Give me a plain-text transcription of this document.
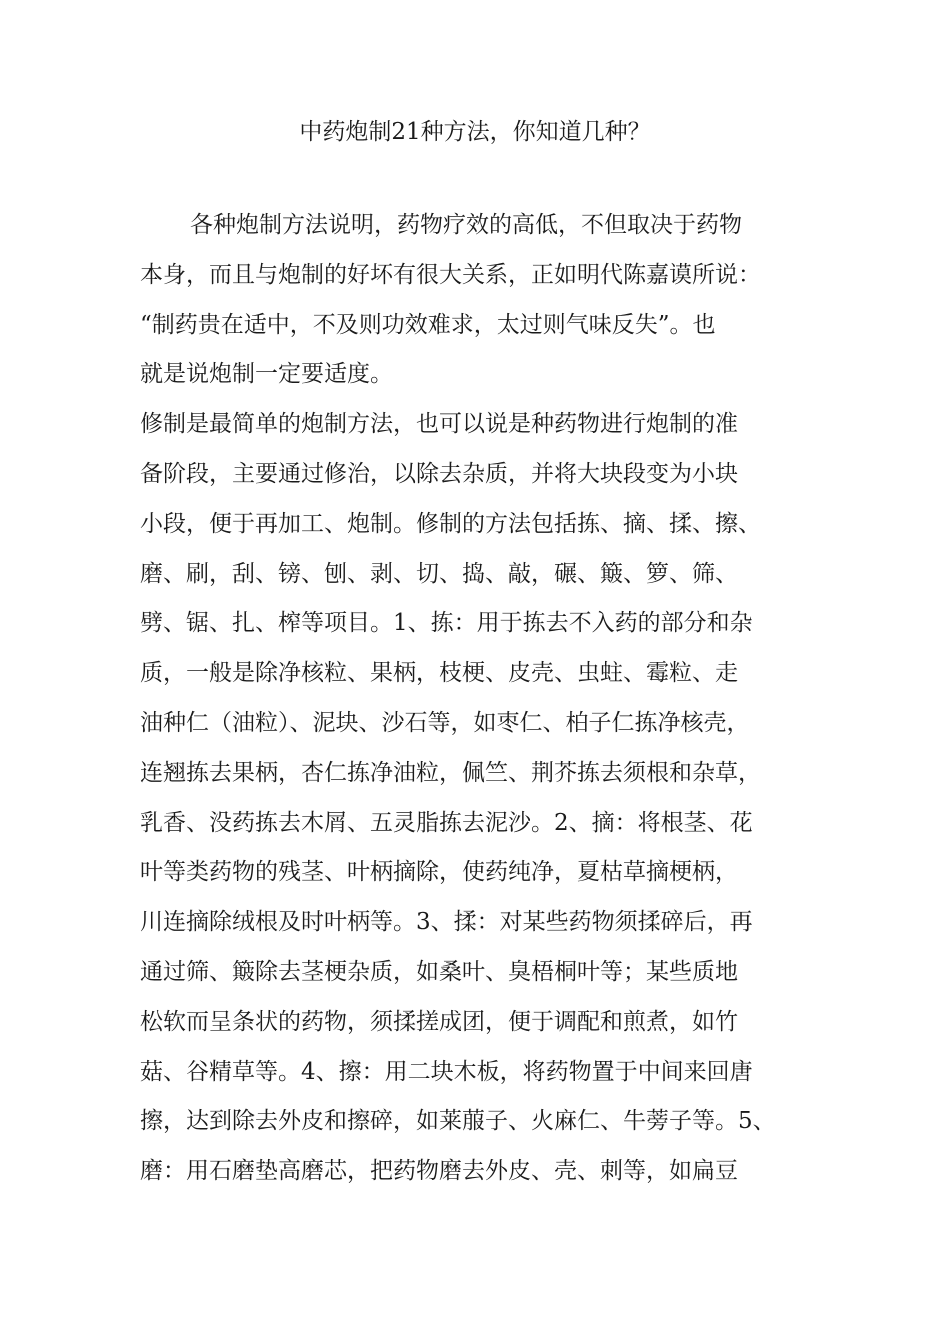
中药炮制21种方法，你知道几种？
各种炮制方法说明，药物疗效的高低，不但取决于药物
本身，而且与炮制的好坏有很大关系，正如明代陈嘉谟所说：
“制药贵在适中，不及则功效难求，太过则气味反失”。也
就是说炮制一定要适度。
修制是最简单的炮制方法，也可以说是种药物进行炮制的准
备阶段，主要通过修治，以除去杂质，并将大块段变为小块
小段，便于再加工、炮制。修制的方法包括拣、摘、揉、擦、
磨、刷，刮、镑、刨、剥、切、捣、敲，碾、簸、箩、筛、
劈、锯、扎、榨等项目。1、拣：用于拣去不入药的部分和杂
质，一般是除净核粒、果柄，枝梗、皮壳、虫蛀、霉粒、走
油种仁（油粒）、泥块、沙石等，如枣仁、柏子仁拣净核壳，
连翘拣去果柄，杏仁拣净油粒，佩竺、荆芥拣去须根和杂草，
乳香、没药拣去木屑、五灵脂拣去泥沙。2、摘：将根茎、花
叶等类药物的残茎、叶柄摘除，使药纯净，夏枯草摘梗柄，
川连摘除绒根及时叶柄等。3、揉：对某些药物须揉碎后，再
通过筛、簸除去茎梗杂质，如桑叶、臭梧桐叶等；某些质地
松软而呈条状的药物，须揉搓成团，便于调配和煎煮，如竹
菇、谷精草等。4、擦：用二块木板，将药物置于中间来回唐
擦，达到除去外皮和擦碎，如莱菔子、火麻仁、牛蒡子等。5、
磨：用石磨垫高磨芯，把药物磨去外皮、壳、刺等，如扁豆
